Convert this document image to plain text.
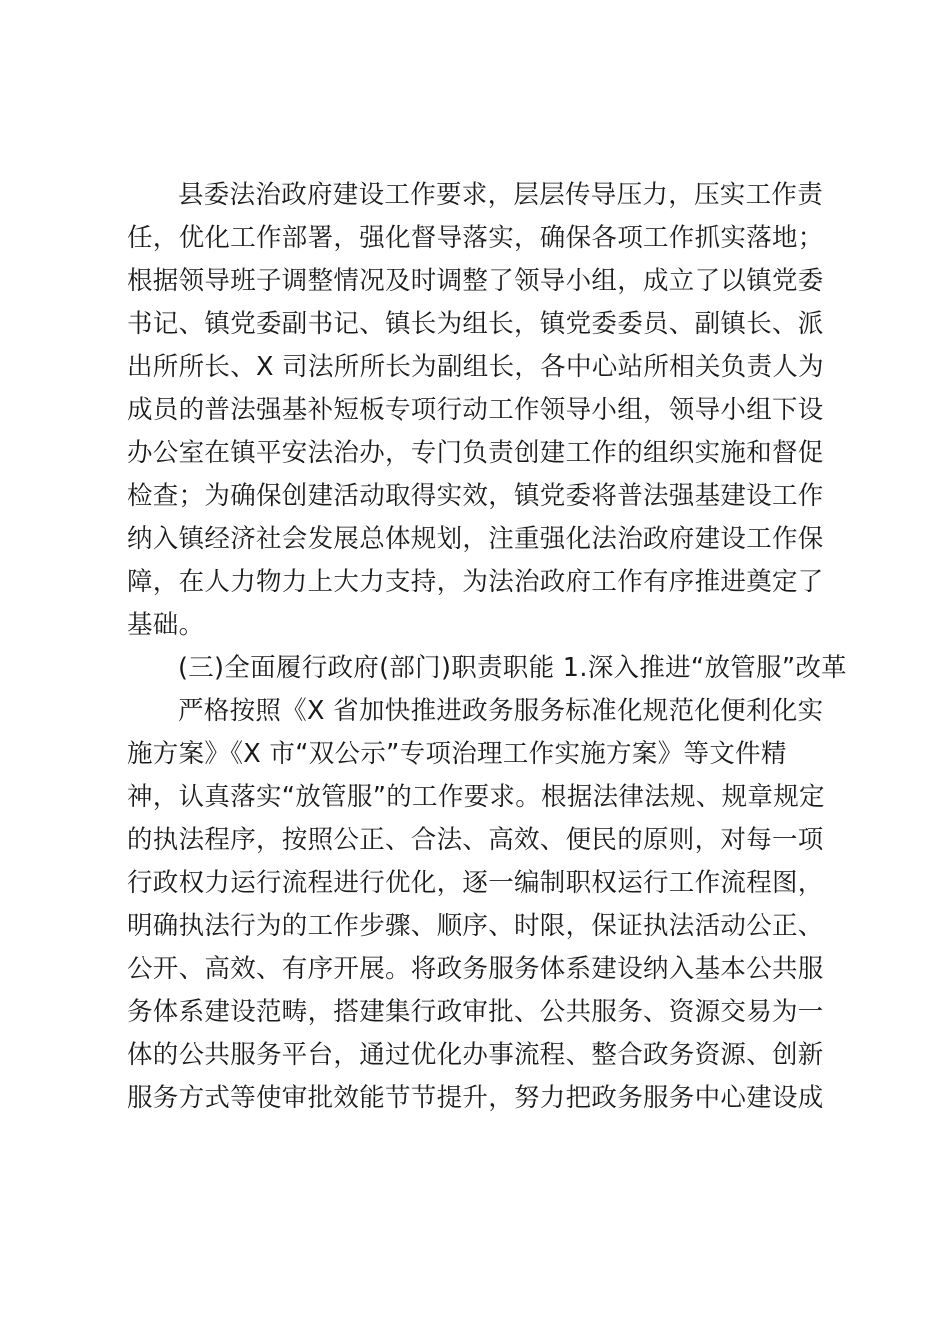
县委法治政府建设工作要求，层层传导压力，压实工作责
任，优化工作部署，强化督导落实，确保各项工作抓实落地；
根据领导班子调整情况及时调整了领导小组，成立了以镇党委
书记、镇党委副书记、镇长为组长，镇党委委员、副镇长、派
出所所长、X 司法所所长为副组长，各中心站所相关负责人为
成员的普法强基补短板专项行动工作领导小组，领导小组下设
办公室在镇平安法治办，专门负责创建工作的组织实施和督促
检查；为确保创建活动取得实效，镇党委将普法强基建设工作
纳入镇经济社会发展总体规划，注重强化法治政府建设工作保
障，在人力物力上大力支持，为法治政府工作有序推进奠定了
基础。
(三)全面履行政府(部门)职责职能 1.深入推进“放管服”改革
严格按照《X 省加快推进政务服务标准化规范化便利化实
施方案》《X 市“双公示”专项治理工作实施方案》等文件精
神，认真落实“放管服”的工作要求。根据法律法规、规章规定
的执法程序，按照公正、合法、高效、便民的原则，对每一项
行政权力运行流程进行优化，逐一编制职权运行工作流程图，
明确执法行为的工作步骤、顺序、时限，保证执法活动公正、
公开、高效、有序开展。将政务服务体系建设纳入基本公共服
务体系建设范畴，搭建集行政审批、公共服务、资源交易为一
体的公共服务平台，通过优化办事流程、整合政务资源、创新
服务方式等使审批效能节节提升，努力把政务服务中心建设成
